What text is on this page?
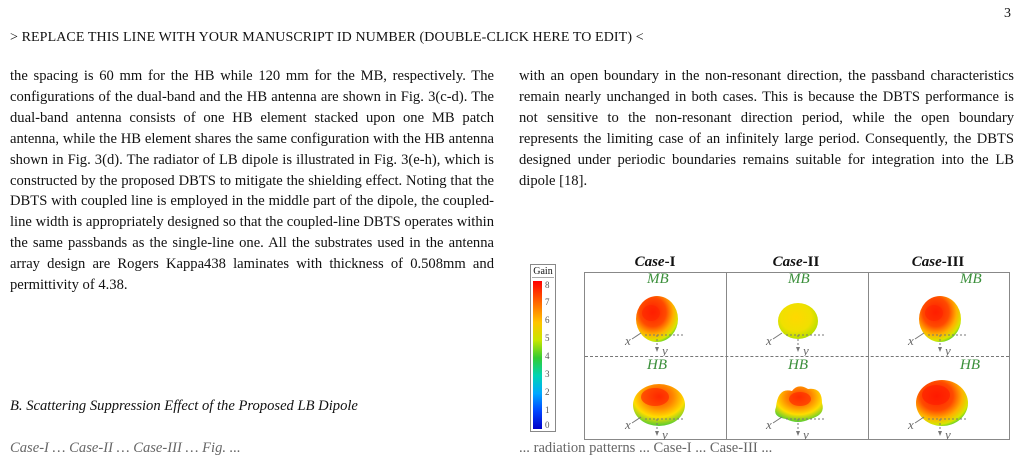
3
> REPLACE THIS LINE WITH YOUR MANUSCRIPT ID NUMBER (DOUBLE-CLICK HERE TO EDIT) <

the spacing is 60 mm for the HB while 120 mm for the MB, respectively. The configurations of the dual-band and the HB antenna are shown in Fig. 3(c-d). The dual-band antenna consists of one HB element stacked upon one MB patch antenna, while the HB element shares the same configuration with the HB antenna shown in Fig. 3(d). The radiator of LB dipole is illustrated in Fig. 3(e-h), which is constructed by the proposed DBTS to mitigate the shielding effect. Noting that the DBTS with coupled line is employed in the middle part of the dipole, the coupled-line width is appropriately designed so that the coupled-line DBTS operates within the same passbands as the single-line one. All the substrates used in the antenna array design are Rogers Kappa438 laminates with thickness of 0.508mm and permittivity of 4.38.

B. Scattering Suppression Effect of the Proposed LB Dipole
Case-I … Case-II … Case-III … Fig. ...

with an open boundary in the non-resonant direction, the passband characteristics remain nearly unchanged in both cases. This is because the DBTS performance is not sensitive to the non-resonant direction period, while the open boundary represents the limiting case of an infinitely large period. Consequently, the DBTS designed under periodic boundaries remains suitable for integration into the LB dipole [18].

... radiation patterns ... Case-I ... Case-III ...
Case-I	Case-II	Case-III
Gain
8
7
6
5
4
3
2
1
0
MB
x
y
MB
x
y
MB
x
y
HB
x
y
HB
x
y
HB
x
y
